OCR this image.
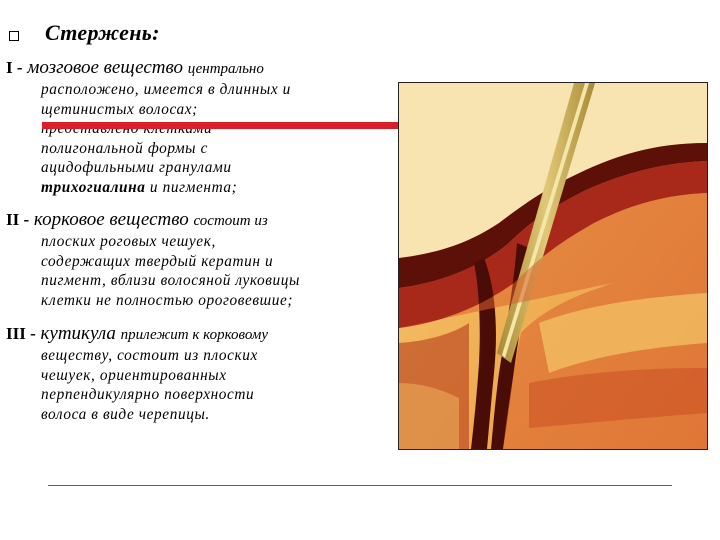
Стержень:
I - мозговое вещество центрально
расположено, имеется в длинных и
щетинистых волосах;
полигональной формы с
ацидофильными гранулами
трихогиалина и пигмента;
II - корковое вещество состоит из
плоских роговых чешуек,
содержащих твердый кератин и
пигмент, вблизи волосяной луковицы
клетки не полностью ороговевшие;
III - кутикула прилежит к корковому
веществу, состоит из плоских
чешуек, ориентированных
перпендикулярно поверхности
волоса в виде черепицы.
